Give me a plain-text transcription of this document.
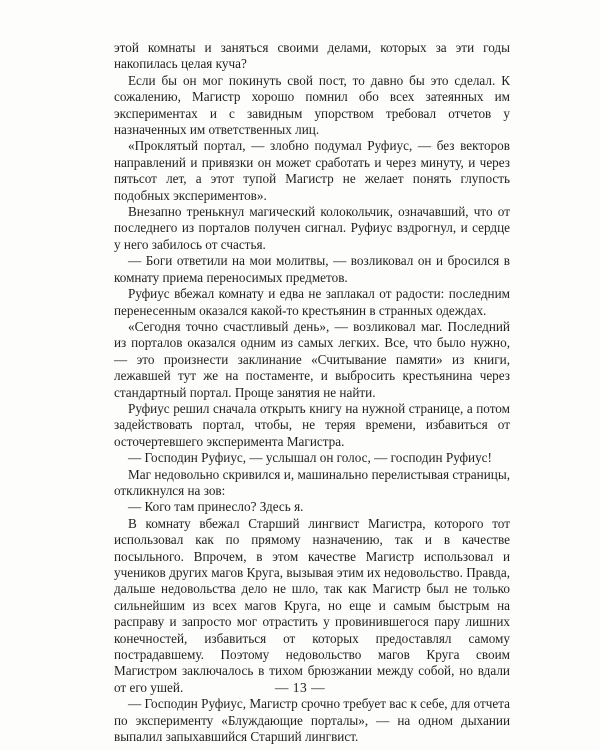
этой комнаты и заняться своими делами, которых за эти годы накопилась целая куча?

Если бы он мог покинуть свой пост, то давно бы это сделал. К сожалению, Магистр хорошо помнил обо всех затеянных им экспериментах и с завидным упорством требовал отчетов у назначенных им ответственных лиц.

«Проклятый портал, — злобно подумал Руфиус, — без векторов направлений и привязки он может сработать и через минуту, и через пятьсот лет, а этот тупой Магистр не желает понять глупость подобных экспериментов».

Внезапно тренькнул магический колокольчик, означавший, что от последнего из порталов получен сигнал. Руфиус вздрогнул, и сердце у него забилось от счастья.

— Боги ответили на мои молитвы, — возликовал он и бросился в комнату приема переносимых предметов.

Руфиус вбежал комнату и едва не заплакал от радости: последним перенесенным оказался какой-то крестьянин в странных одеждах.

«Сегодня точно счастливый день», — возликовал маг. Последний из порталов оказался одним из самых легких. Все, что было нужно, — это произнести заклинание «Считывание памяти» из книги, лежавшей тут же на постаменте, и выбросить крестьянина через стандартный портал. Проще занятия не найти.

Руфиус решил сначала открыть книгу на нужной странице, а потом задействовать портал, чтобы, не теряя времени, избавиться от осточертевшего эксперимента Магистра.

— Господин Руфиус, — услышал он голос, — господин Руфиус!

Маг недовольно скривился и, машинально перелистывая страницы, откликнулся на зов:

— Кого там принесло? Здесь я.

В комнату вбежал Старший лингвист Магистра, которого тот использовал как по прямому назначению, так и в качестве посыльного. Впрочем, в этом качестве Магистр использовал и учеников других магов Круга, вызывая этим их недовольство. Правда, дальше недовольства дело не шло, так как Магистр был не только сильнейшим из всех магов Круга, но еще и самым быстрым на расправу и запросто мог отрастить у провинившегося пару лишних конечностей, избавиться от которых предоставлял самому пострадавшему. Поэтому недовольство магов Круга своим Магистром заключалось в тихом брюзжании между собой, но вдали от его ушей.

— Господин Руфиус, Магистр срочно требует вас к себе, для отчета по эксперименту «Блуждающие порталы», — на одном дыхании выпалил запыхавшийся Старший лингвист.

— 13 —
